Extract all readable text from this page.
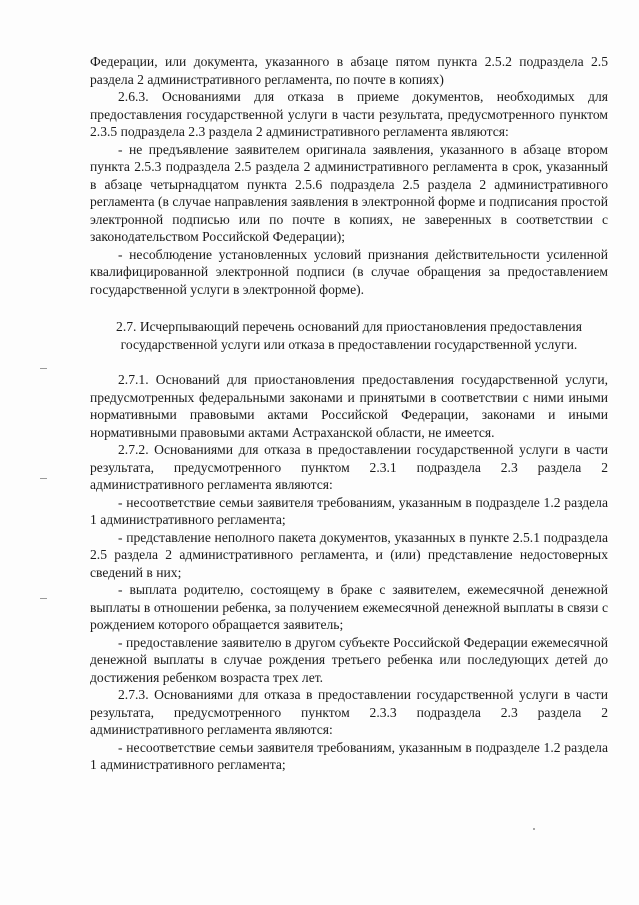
Федерации, или документа, указанного в абзаце пятом пункта 2.5.2 подраздела 2.5 раздела 2 административного регламента, по почте в копиях)

2.6.3. Основаниями для отказа в приеме документов, необходимых для предоставления государственной услуги в части результата, предусмотренного пунктом 2.3.5 подраздела 2.3 раздела 2 административного регламента являются:

- не предъявление заявителем оригинала заявления, указанного в абзаце втором пункта 2.5.3 подраздела 2.5 раздела 2 административного регламента в срок, указанный в абзаце четырнадцатом пункта 2.5.6 подраздела 2.5 раздела 2 административного регламента (в случае направления заявления в электронной форме и подписания простой электронной подписью или по почте в копиях, не заверенных в соответствии с законодательством Российской Федерации);

- несоблюдение установленных условий признания действительности усиленной квалифицированной электронной подписи (в случае обращения за предоставлением государственной услуги в электронной форме).

2.7. Исчерпывающий перечень оснований для приостановления предоставления государственной услуги или отказа в предоставлении государственной услуги.

2.7.1. Оснований для приостановления предоставления государственной услуги, предусмотренных федеральными законами и принятыми в соответствии с ними иными нормативными правовыми актами Российской Федерации, законами и иными нормативными правовыми актами Астраханской области, не имеется.

2.7.2. Основаниями для отказа в предоставлении государственной услуги в части результата, предусмотренного пунктом 2.3.1 подраздела 2.3 раздела 2 административного регламента являются:

- несоответствие семьи заявителя требованиям, указанным в подразделе 1.2 раздела 1 административного регламента;

- представление неполного пакета документов, указанных в пункте 2.5.1 подраздела 2.5 раздела 2 административного регламента, и (или) представление недостоверных сведений в них;

- выплата родителю, состоящему в браке с заявителем, ежемесячной денежной выплаты в отношении ребенка, за получением ежемесячной денежной выплаты в связи с рождением которого обращается заявитель;

- предоставление заявителю в другом субъекте Российской Федерации ежемесячной денежной выплаты в случае рождения третьего ребенка или последующих детей до достижения ребенком возраста трех лет.

2.7.3. Основаниями для отказа в предоставлении государственной услуги в части результата, предусмотренного пунктом 2.3.3 подраздела 2.3 раздела 2 административного регламента являются:

- несоответствие семьи заявителя требованиям, указанным в подразделе 1.2 раздела 1 административного регламента;
